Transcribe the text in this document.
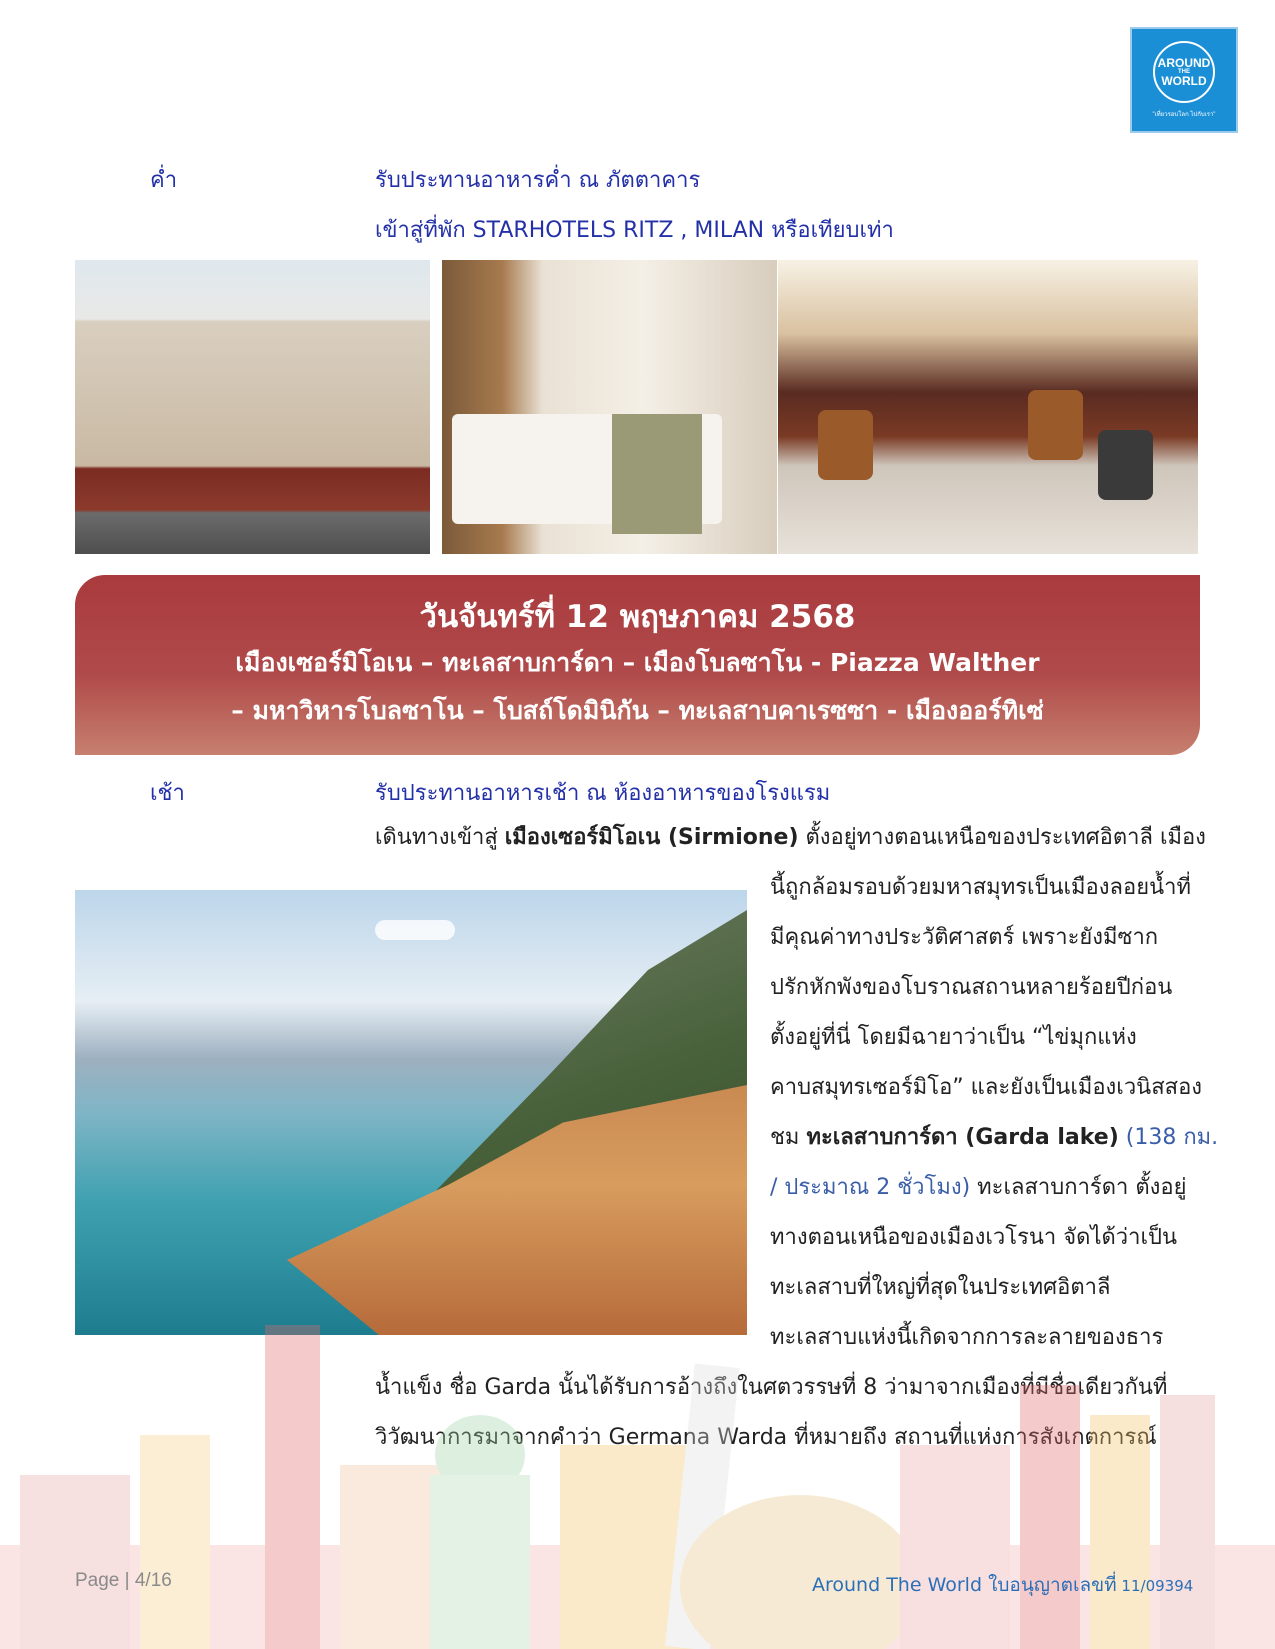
AROUND
THE
WORLD
"เที่ยวรอบโลก ไปกับเรา"
ค่ำ	รับประทานอาหารค่ำ ณ ภัตตาคาร
เข้าสู่ที่พัก STARHOTELS RITZ , MILAN หรือเทียบเท่า
วันจันทร์ที่ 12 พฤษภาคม 2568
เมืองเซอร์มิโอเน – ทะเลสาบการ์ดา – เมืองโบลซาโน - Piazza Walther
– มหาวิหารโบลซาโน – โบสถ์โดมินิกัน – ทะเลสาบคาเรซซา - เมืองออร์ทิเซ่
เช้า	รับประทานอาหารเช้า ณ ห้องอาหารของโรงแรม
เดินทางเข้าสู่ เมืองเซอร์มิโอเน (Sirmione) ตั้งอยู่ทางตอนเหนือของประเทศอิตาลี เมือง
นี้ถูกล้อมรอบด้วยมหาสมุทรเป็นเมืองลอยน้ำที่
มีคุณค่าทางประวัติศาสตร์ เพราะยังมีซาก
ปรักหักพังของโบราณสถานหลายร้อยปีก่อน
ตั้งอยู่ที่นี่ โดยมีฉายาว่าเป็น “ไข่มุกแห่ง
คาบสมุทรเซอร์มิโอ” และยังเป็นเมืองเวนิสสอง
ชม ทะเลสาบการ์ดา (Garda lake) (138 กม.
/ ประมาณ 2 ชั่วโมง) ทะเลสาบการ์ดา ตั้งอยู่
ทางตอนเหนือของเมืองเวโรนา จัดได้ว่าเป็น
ทะเลสาบที่ใหญ่ที่สุดในประเทศอิตาลี
ทะเลสาบแห่งนี้เกิดจากการละลายของธาร
น้ำแข็ง ชื่อ Garda นั้นได้รับการอ้างถึงในศตวรรษที่ 8 ว่ามาจากเมืองที่มีชื่อเดียวกันที่
วิวัฒนาการมาจากคำว่า Germana Warda ที่หมายถึง สถานที่แห่งการสังเกตการณ์
Page | 4/16	Around The World ใบอนุญาตเลขที่ 11/09394
